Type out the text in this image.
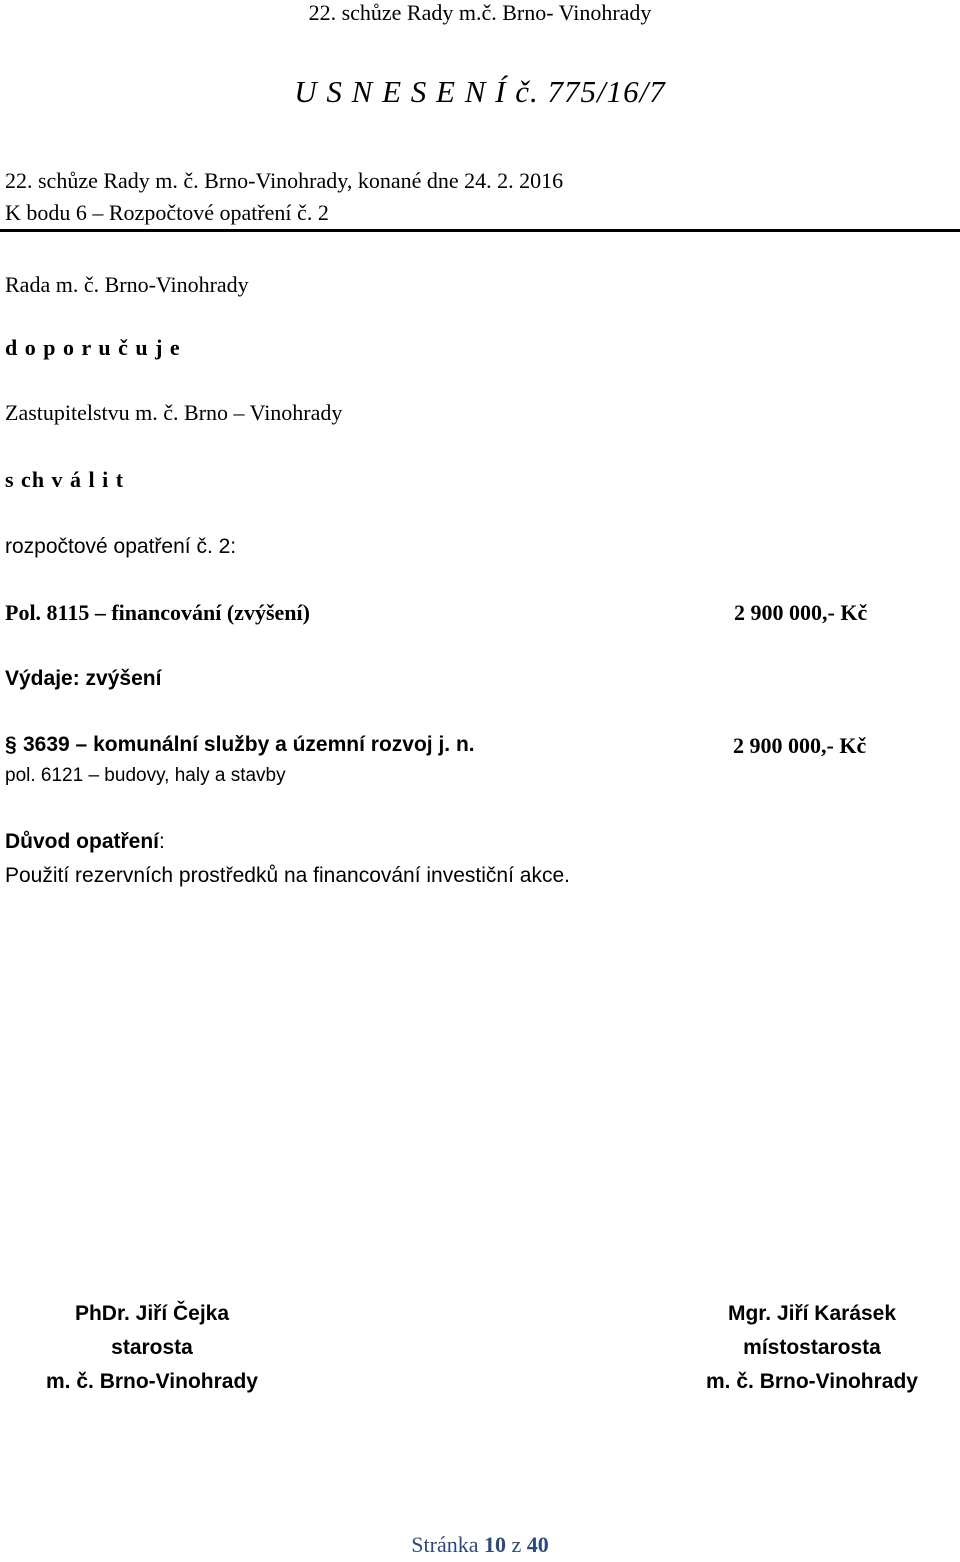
22. schůze Rady m.č. Brno- Vinohrady
U S N E S E N Í č. 775/16/7
22. schůze Rady m. č. Brno-Vinohrady, konané dne 24. 2. 2016
K bodu 6 – Rozpočtové opatření č. 2
Rada m. č. Brno-Vinohrady
d o p o r u č u j e
Zastupitelstvu m. č. Brno – Vinohrady
s ch v á l i t
rozpočtové opatření č. 2:
Pol. 8115 – financování (zvýšení)	2 900 000,- Kč
Výdaje: zvýšení
§ 3639 – komunální služby a územní rozvoj j. n.	2 900 000,- Kč
pol. 6121 – budovy, haly a stavby
Důvod opatření:
Použití rezervních prostředků na financování investiční akce.
PhDr. Jiří Čejka
starosta
m. č. Brno-Vinohrady
Mgr. Jiří Karásek
místostarosta
m. č. Brno-Vinohrady
Stránka 10 z 40
